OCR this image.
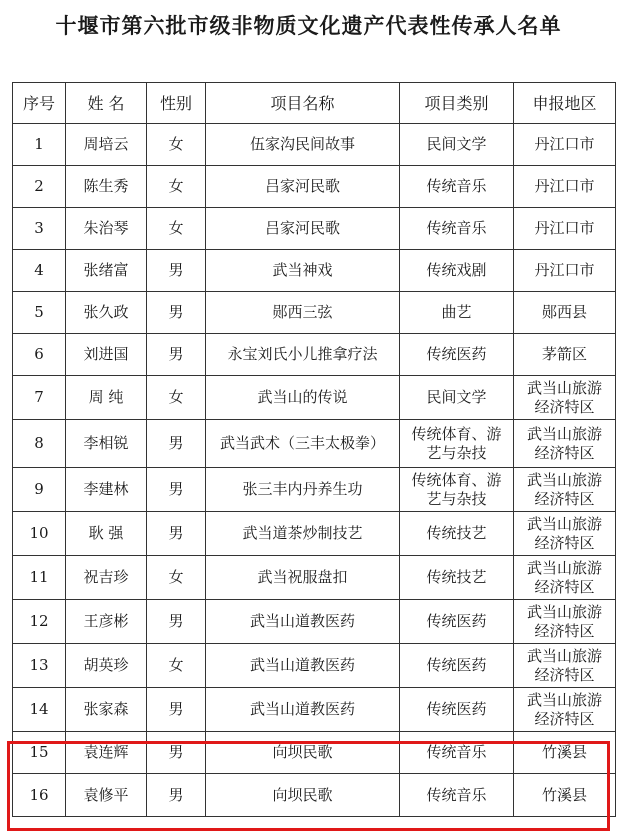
十堰市第六批市级非物质文化遗产代表性传承人名单
序号	姓 名	性别	项目名称	项目类别	申报地区
1	周培云	女	伍家沟民间故事	民间文学	丹江口市
2	陈生秀	女	吕家河民歌	传统音乐	丹江口市
3	朱治琴	女	吕家河民歌	传统音乐	丹江口市
4	张绪富	男	武当神戏	传统戏剧	丹江口市
5	张久政	男	郧西三弦	曲艺	郧西县
6	刘进国	男	永宝刘氏小儿推拿疗法	传统医药	茅箭区
7	周 纯	女	武当山的传说	民间文学	武当山旅游经济特区
8	李相锐	男	武当武术（三丰太极拳）	传统体育、游艺与杂技	武当山旅游经济特区
9	李建林	男	张三丰内丹养生功	传统体育、游艺与杂技	武当山旅游经济特区
10	耿 强	男	武当道茶炒制技艺	传统技艺	武当山旅游经济特区
11	祝吉珍	女	武当祝服盘扣	传统技艺	武当山旅游经济特区
12	王彦彬	男	武当山道教医药	传统医药	武当山旅游经济特区
13	胡英珍	女	武当山道教医药	传统医药	武当山旅游经济特区
14	张家森	男	武当山道教医药	传统医药	武当山旅游经济特区
15	袁连辉	男	向坝民歌	传统音乐	竹溪县
16	袁修平	男	向坝民歌	传统音乐	竹溪县
